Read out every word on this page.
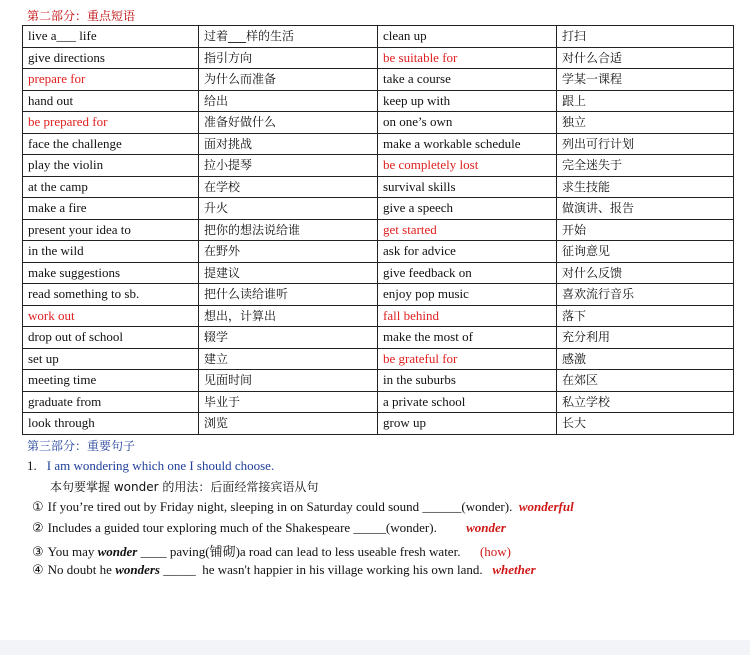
第二部分：重点短语
live a___ life	过着___样的生活	clean up	打扫
give directions	指引方向	be suitable for	对什么合适
prepare for	为什么而准备	take a course	学某一课程
hand out	给出	keep up with	跟上
be prepared for	准备好做什么	on one’s own	独立
face the challenge	面对挑战	make a workable schedule	列出可行计划
play the violin	拉小提琴	be completely lost	完全迷失于
at the camp	在学校	survival skills	求生技能
make a fire	升火	give a speech	做演讲、报告
present your idea to	把你的想法说给谁	get started	开始
in the wild	在野外	ask for advice	征询意见
make suggestions	提建议	give feedback on	对什么反馈
read something to sb.	把什么读给谁听	enjoy pop music	喜欢流行音乐
work out	想出，计算出	fall behind	落下
drop out of school	辍学	make the most of	充分利用
set up	建立	be grateful for	感激
meeting time	见面时间	in the suburbs	在郊区
graduate from	毕业于	a private school	私立学校
look through	浏览	grow up	长大
第三部分：重要句子
1. I am wondering which one I should choose.
本句要掌握 wonder 的用法：后面经常接宾语从句
① If you’re tired out by Friday night, sleeping in on Saturday could sound ______(wonder).  wonderful
② Includes a guided tour exploring much of the Shakespeare _____(wonder).         wonder
③ You may wonder ____ paving(铺砌)a road can lead to less useable fresh water.      (how)
④ No doubt he wonders _____  he wasn't happier in his village working his own land.   whether
